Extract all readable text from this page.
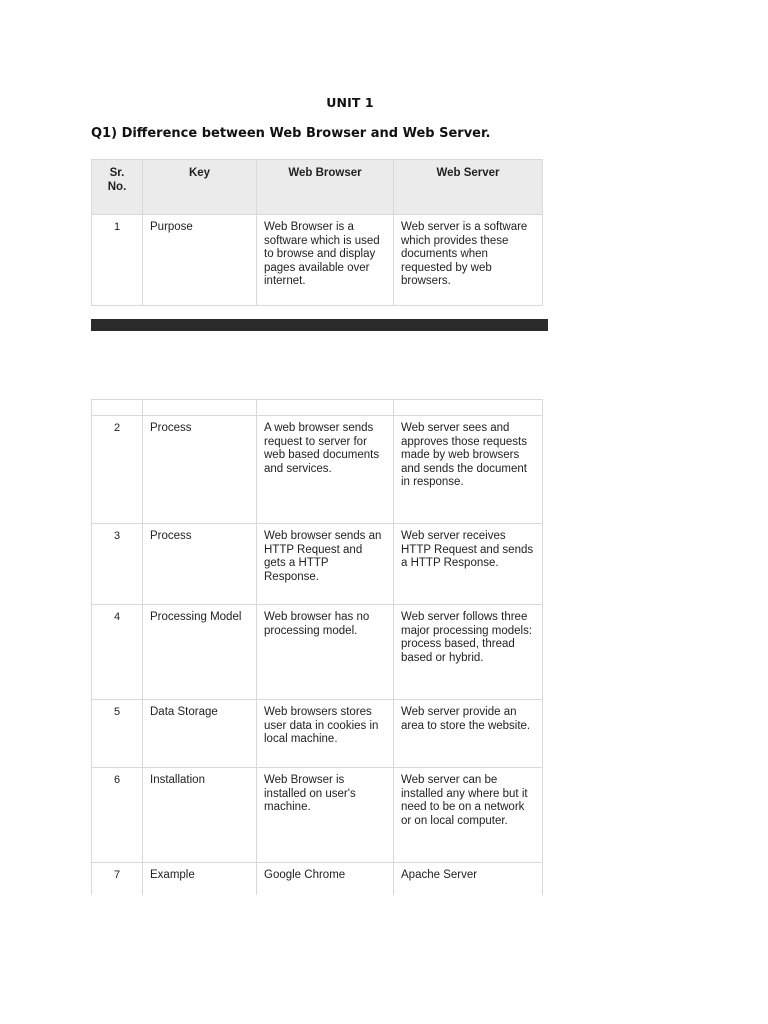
UNIT 1
Q1) Difference between Web Browser and Web Server.
Sr.
No.	Key	Web Browser	Web Server
1	Purpose	Web Browser is a software which is used to browse and display pages available over internet.	Web server is a software which provides these documents when requested by web browsers.

2	Process	A web browser sends request to server for web based documents and services.	Web server sees and approves those requests made by web browsers and sends the document in response.
3	Process	Web browser sends an HTTP Request and gets a HTTP Response.	Web server receives HTTP Request and sends a HTTP Response.
4	Processing Model	Web browser has no processing model.	Web server follows three major processing models: process based, thread based or hybrid.
5	Data Storage	Web browsers stores user data in cookies in local machine.	Web server provide an area to store the website.
6	Installation	Web Browser is installed on user's machine.	Web server can be installed any where but it need to be on a network or on local computer.
7	Example	Google Chrome	Apache Server
